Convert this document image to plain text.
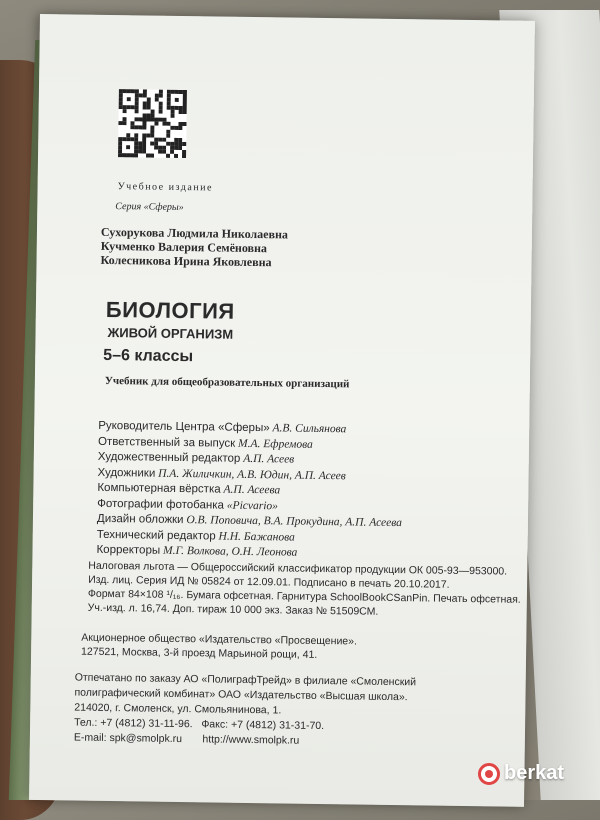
Учебное издание
Серия «Сферы»
Сухорукова Людмила Николаевна
Кучменко Валерия Семёновна
Колесникова Ирина Яковлевна
БИОЛОГИЯ
ЖИВОЙ ОРГАНИЗМ
5–6 классы
Учебник для общеобразовательных организаций
Руководитель Центра «Сферы» А.В. Сильянова
Ответственный за выпуск М.А. Ефремова
Художественный редактор А.П. Асеев
Художники П.А. Жиличкин, А.В. Юдин, А.П. Асеев
Компьютерная вёрстка А.П. Асеева
Фотографии фотобанка «Picvario»
Дизайн обложки О.В. Поповича, В.А. Прокудина, А.П. Асеева
Технический редактор Н.Н. Бажанова
Корректоры М.Г. Волкова, О.Н. Леонова
Налоговая льгота — Общероссийский классификатор продукции ОК 005-93—953000.
Изд. лиц. Серия ИД № 05824 от 12.09.01. Подписано в печать 20.10.2017.
Формат 84×108 ¹/₁₆. Бумага офсетная. Гарнитура SchoolBookCSanPin. Печать офсетная.
Уч.-изд. л. 16,74. Доп. тираж 10 000 экз. Заказ № 51509СМ.
Акционерное общество «Издательство «Просвещение».
127521, Москва, 3-й проезд Марьиной рощи, 41.
Отпечатано по заказу АО «ПолиграфТрейд» в филиале «Смоленский
полиграфический комбинат» ОАО «Издательство «Высшая школа».
214020, г. Смоленск, ул. Смольянинова, 1.
Тел.: +7 (4812) 31-11-96.   Факс: +7 (4812) 31-31-70.
E-mail: spk@smolpk.ru       http://www.smolpk.ru
berkat
